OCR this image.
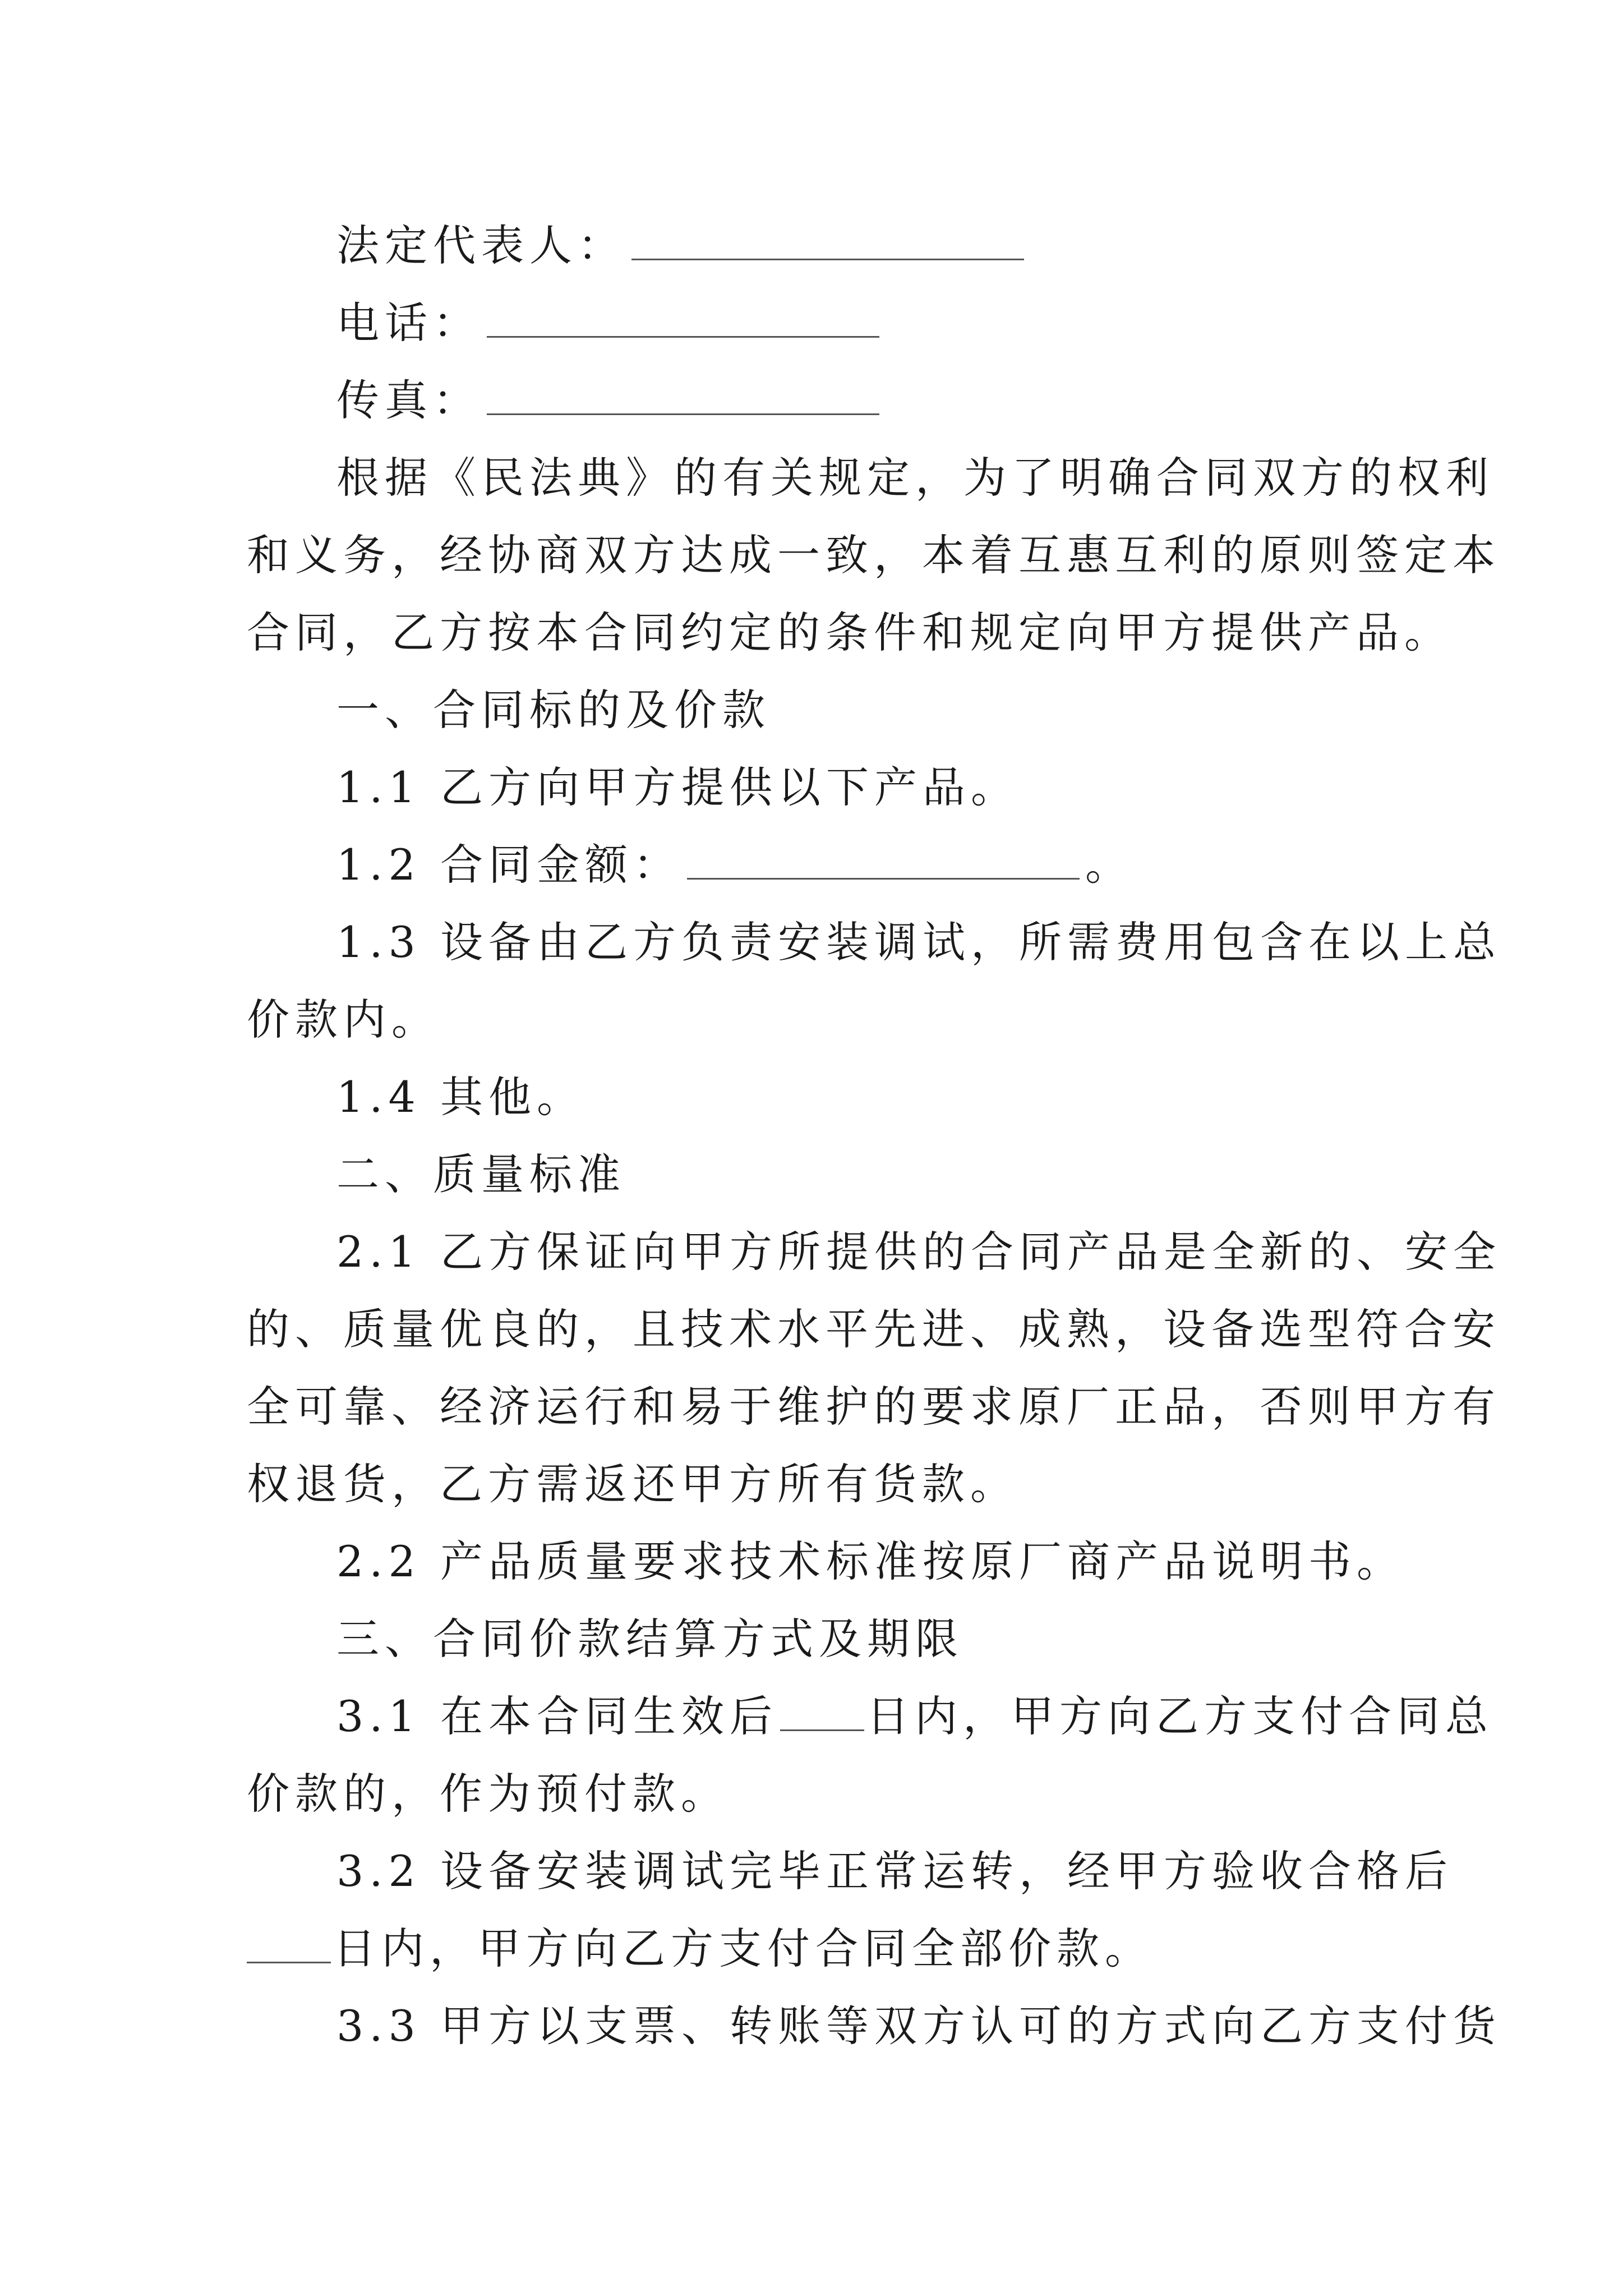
法定代表人：
电话：
传真：
根据《民法典》的有关规定，为了明确合同双方的权利
和义务，经协商双方达成一致，本着互惠互利的原则签定本
合同，乙方按本合同约定的条件和规定向甲方提供产品。
一、合同标的及价款
1.1 乙方向甲方提供以下产品。
1.2 合同金额：	。
1.3 设备由乙方负责安装调试，所需费用包含在以上总
价款内。
1.4 其他。
二、质量标准
2.1 乙方保证向甲方所提供的合同产品是全新的、安全
的、质量优良的，且技术水平先进、成熟，设备选型符合安
全可靠、经济运行和易于维护的要求原厂正品，否则甲方有
权退货，乙方需返还甲方所有货款。
2.2 产品质量要求技术标准按原厂商产品说明书。
三、合同价款结算方式及期限
3.1 在本合同生效后 日内，甲方向乙方支付合同总
价款的，作为预付款。
3.2 设备安装调试完毕正常运转，经甲方验收合格后
日内，甲方向乙方支付合同全部价款。
3.3 甲方以支票、转账等双方认可的方式向乙方支付货
